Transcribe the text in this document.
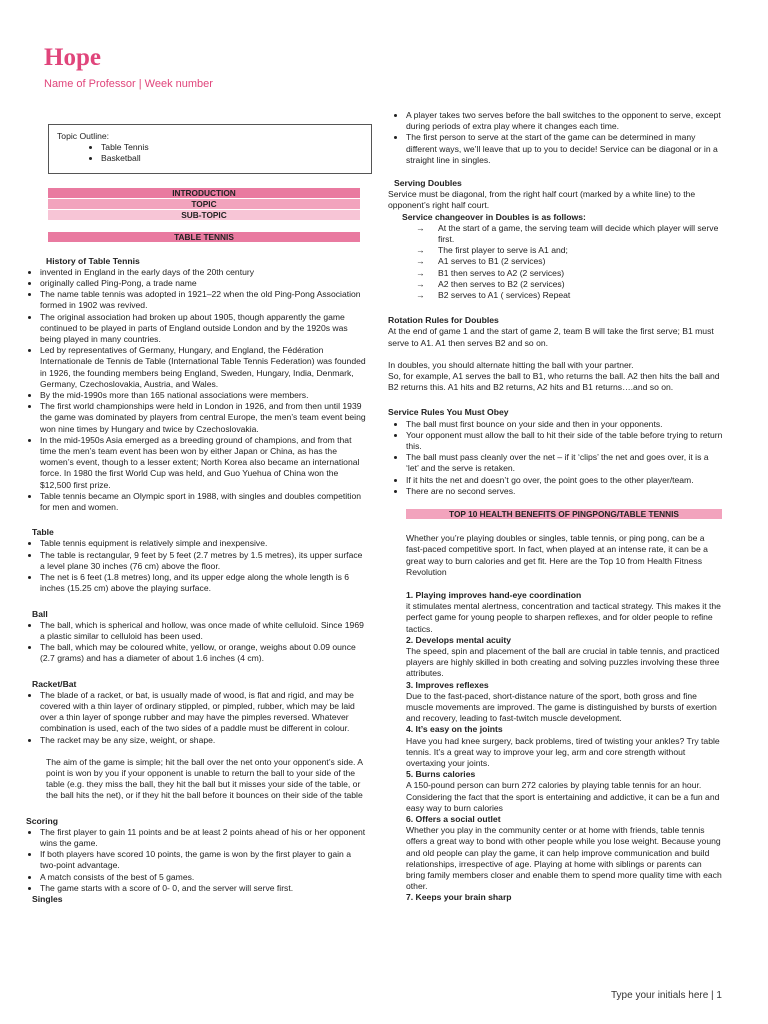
Hope
Name of Professor | Week number
Topic Outline:
• Table Tennis
• Basketball
INTRODUCTION
TOPIC
SUB-TOPIC
TABLE TENNIS
History of Table Tennis
• invented in England in the early days of the 20th century
• originally called Ping-Pong, a trade name
• The name table tennis was adopted in 1921–22 when the old Ping-Pong Association formed in 1902 was revived.
• The original association had broken up about 1905, though apparently the game continued to be played in parts of England outside London and by the 1920s was being played in many countries.
• Led by representatives of Germany, Hungary, and England, the Fédération Internationale de Tennis de Table (International Table Tennis Federation) was founded in 1926, the founding members being England, Sweden, Hungary, India, Denmark, Germany, Czechoslovakia, Austria, and Wales.
• By the mid-1990s more than 165 national associations were members.
• The first world championships were held in London in 1926, and from then until 1939 the game was dominated by players from central Europe, the men’s team event being won nine times by Hungary and twice by Czechoslovakia.
• In the mid-1950s Asia emerged as a breeding ground of champions, and from that time the men’s team event has been won by either Japan or China, as has the women’s event, though to a lesser extent; North Korea also became an international force. In 1980 the first World Cup was held, and Guo Yuehua of China won the $12,500 first prize.
• Table tennis became an Olympic sport in 1988, with singles and doubles competition for men and women.
Table
• Table tennis equipment is relatively simple and inexpensive.
• The table is rectangular, 9 feet by 5 feet (2.7 metres by 1.5 metres), its upper surface a level plane 30 inches (76 cm) above the floor.
• The net is 6 feet (1.8 metres) long, and its upper edge along the whole length is 6 inches (15.25 cm) above the playing surface.
Ball
• The ball, which is spherical and hollow, was once made of white celluloid. Since 1969 a plastic similar to celluloid has been used.
• The ball, which may be coloured white, yellow, or orange, weighs about 0.09 ounce (2.7 grams) and has a diameter of about 1.6 inches (4 cm).
Racket/Bat
• The blade of a racket, or bat, is usually made of wood, is flat and rigid, and may be covered with a thin layer of ordinary stippled, or pimpled, rubber, which may be laid over a thin layer of sponge rubber and may have the pimples reversed. Whatever combination is used, each of the two sides of a paddle must be different in colour.
• The racket may be any size, weight, or shape.

The aim of the game is simple; hit the ball over the net onto your opponent’s side. A point is won by you if your opponent is unable to return the ball to your side of the table (e.g. they miss the ball, they hit the ball but it misses your side of the table, or the ball hits the net), or if they hit the ball before it bounces on their side of the table

Scoring
• The first player to gain 11 points and be at least 2 points ahead of his or her opponent wins the game.
• If both players have scored 10 points, the game is won by the first player to gain a two-point advantage.
• A match consists of the best of 5 games.
• The game starts with a score of 0- 0, and the server will serve first.
Singles
• A player takes two serves before the ball switches to the opponent to serve, except during periods of extra play where it changes each time.
• The first person to serve at the start of the game can be determined in many different ways, we’ll leave that up to you to decide! Service can be diagonal or in a straight line in singles.
Serving Doubles

Service must be diagonal, from the right half court (marked by a white line) to the opponent’s right half court.

Service changeover in Doubles is as follows:

→ At the start of a game, the serving team will decide which player will serve first.
→ The first player to serve is A1 and;
→ A1 serves to B1 (2 services)
→ B1 then serves to A2 (2 services)
→ A2 then serves to B2 (2 services)
→ B2 serves to A1 ( services) Repeat
Rotation Rules for Doubles

At the end of game 1 and the start of game 2, team B will take the first serve; B1 must serve to A1. A1 then serves B2 and so on.

In doubles, you should alternate hitting the ball with your partner.

So, for example, A1 serves the ball to B1, who returns the ball. A2 then hits the ball and B2 returns this. A1 hits and B2 returns, A2 hits and B1 returns….and so on.

Service Rules You Must Obey
• The ball must first bounce on your side and then in your opponents.
• Your opponent must allow the ball to hit their side of the table before trying to return this.
• The ball must pass cleanly over the net – if it ‘clips’ the net and goes over, it is a ‘let’ and the serve is retaken.
• If it hits the net and doesn’t go over, the point goes to the other player/team.
• There are no second serves.
TOP 10 HEALTH BENEFITS OF PINGPONG/TABLE TENNIS

Whether you’re playing doubles or singles, table tennis, or ping pong, can be a fast-paced competitive sport. In fact, when played at an intense rate, it can be a great way to burn calories and get fit. Here are the Top 10 from Health Fitness Revolution

1. Playing improves hand-eye coordination

it stimulates mental alertness, concentration and tactical strategy. This makes it the perfect game for young people to sharpen reflexes, and for older people to refine tactics.

2. Develops mental acuity

The speed, spin and placement of the ball are crucial in table tennis, and practiced players are highly skilled in both creating and solving puzzles involving these three attributes.

3. Improves reflexes

Due to the fast-paced, short-distance nature of the sport, both gross and fine muscle movements are improved. The game is distinguished by bursts of exertion and recovery, leading to fast-twitch muscle development.

4. It’s easy on the joints

Have you had knee surgery, back problems, tired of twisting your ankles? Try table tennis. It’s a great way to improve your leg, arm and core strength without overtaxing your joints.

5. Burns calories

A 150-pound person can burn 272 calories by playing table tennis for an hour. Considering the fact that the sport is entertaining and addictive, it can be a fun and easy way to burn calories

6. Offers a social outlet

Whether you play in the community center or at home with friends, table tennis offers a great way to bond with other people while you lose weight. Because young and old people can play the game, it can help improve communication and build relationships, irrespective of age. Playing at home with siblings or parents can bring family members closer and enable them to spend more quality time with each other.

7. Keeps your brain sharp
Type your initials here | 1
